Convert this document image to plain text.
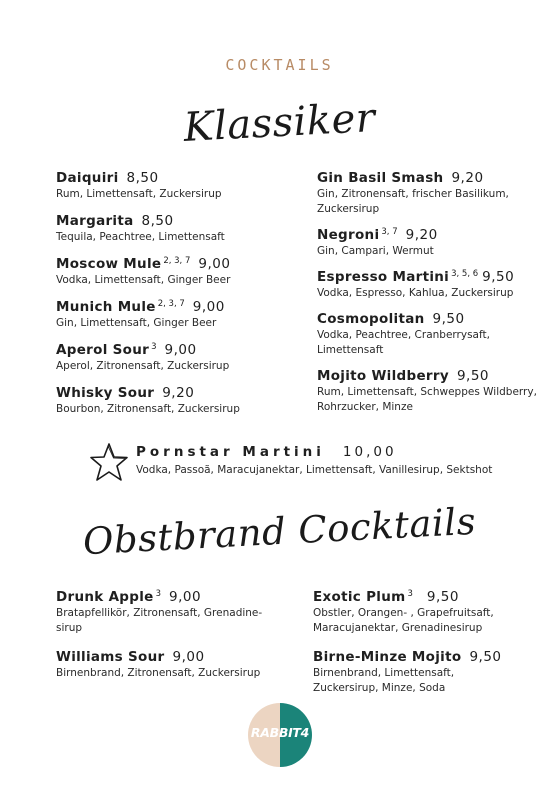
COCKTAILS
Klassiker
Daiquiri 8,50
Rum, Limettensaft, Zuckersirup
Margarita 8,50
Tequila, Peachtree, Limettensaft
Moscow Mule $^{2, 3, 7}$ 9,00
Vodka, Limettensaft, Ginger Beer
Munich Mule $^{2, 3, 7}$ 9,00
Gin, Limettensaft, Ginger Beer
Aperol Sour $^3$ 9,00
Aperol, Zitronensaft, Zuckersirup
Whisky Sour 9,20
Bourbon, Zitronensaft, Zuckersirup
Gin Basil Smash 9,20
Gin, Zitronensaft, frischer Basilikum, Zuckersirup
Negroni $^{3, 7}$ 9,20
Gin, Campari, Wermut
Espresso Martini $^{3, 5, 6}$ 9,50
Vodka, Espresso, Kahlua, Zuckersirup
Cosmopolitan 9,50
Vodka, Peachtree, Cranberrysaft, Limettensaft
Mojito Wildberry 9,50
Rum, Limettensaft, Schweppes Wildberry, Rohrzucker, Minze
Pornstar Martini 10,00
Vodka, Passoã, Maracujanektar, Limettensaft, Vanillesirup, Sektshot
Obstbrand Cocktails
Drunk Apple $^3$ 9,00
Bratapfellikör, Zitronensaft, Grenadine-sirup
Williams Sour 9,00
Birnenbrand, Zitronensaft, Zuckersirup
Exotic Plum $^3$ 9,50
Obstler, Orangen- , Grapefruitsaft, Maracujanektar, Grenadinesirup
Birne-Minze Mojito 9,50
Birnenbrand, Limettensaft, Zuckersirup, Minze, Soda
RABBIT4
